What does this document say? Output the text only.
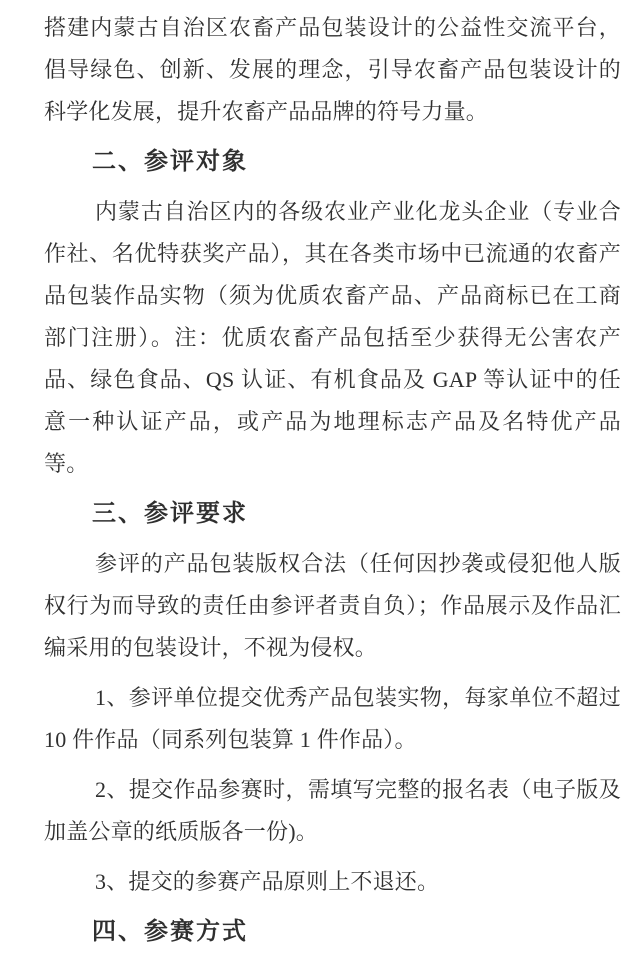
搭建内蒙古自治区农畜产品包装设计的公益性交流平台，倡导绿色、创新、发展的理念，引导农畜产品包装设计的科学化发展，提升农畜产品品牌的符号力量。

二、参评对象

内蒙古自治区内的各级农业产业化龙头企业（专业合作社、名优特获奖产品），其在各类市场中已流通的农畜产品包装作品实物（须为优质农畜产品、产品商标已在工商部门注册）。注：优质农畜产品包括至少获得无公害农产品、绿色食品、QS 认证、有机食品及 GAP 等认证中的任意一种认证产品，或产品为地理标志产品及名特优产品等。

三、参评要求

参评的产品包装版权合法（任何因抄袭或侵犯他人版权行为而导致的责任由参评者责自负）；作品展示及作品汇编采用的包装设计，不视为侵权。

1、参评单位提交优秀产品包装实物，每家单位不超过 10 件作品（同系列包装算 1 件作品）。

2、提交作品参赛时，需填写完整的报名表（电子版及加盖公章的纸质版各一份)。

3、提交的参赛产品原则上不退还。

四、参赛方式
